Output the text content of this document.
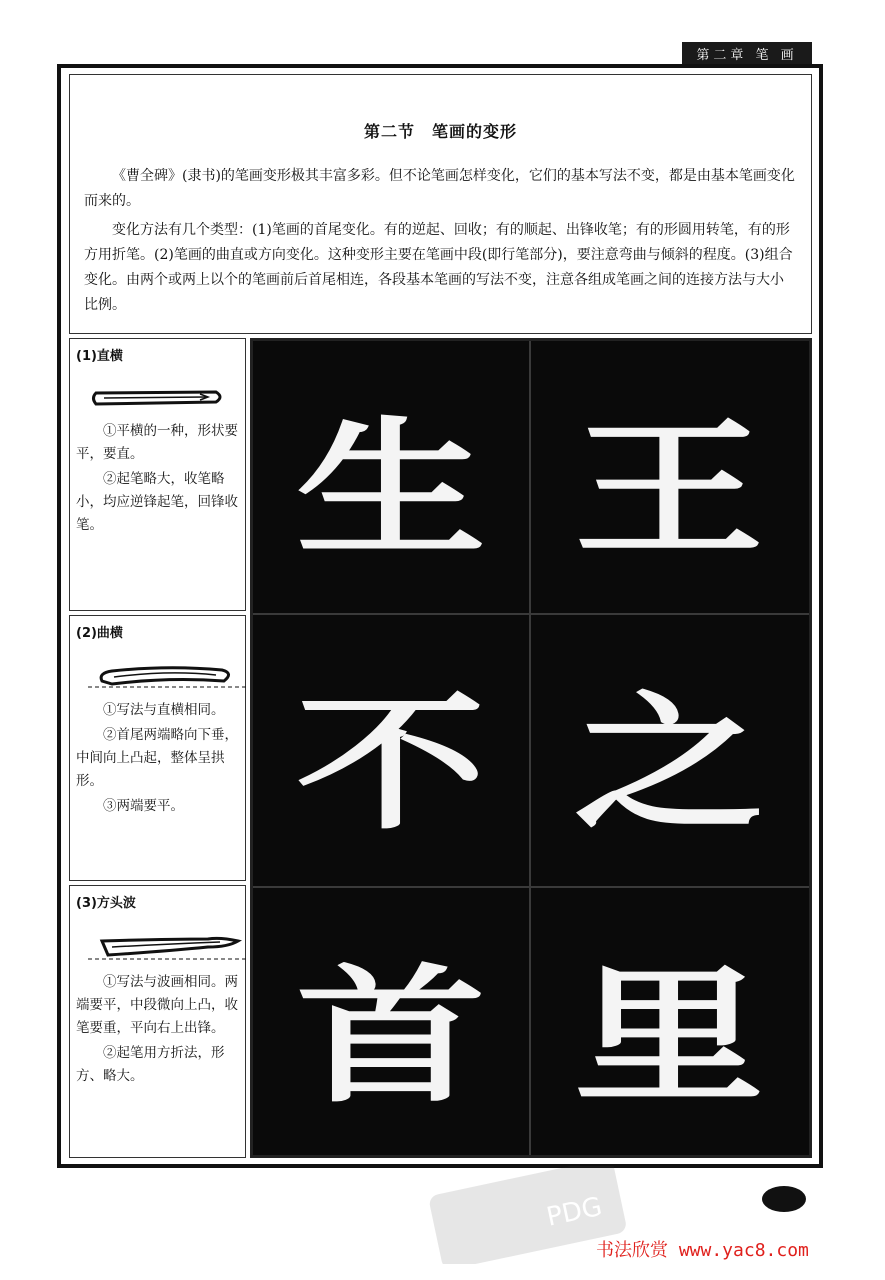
第二章 笔 画
第二节　笔画的变形

《曹全碑》(隶书)的笔画变形极其丰富多彩。但不论笔画怎样变化，它们的基本写法不变，都是由基本笔画变化而来的。

变化方法有几个类型：(1)笔画的首尾变化。有的逆起、回收；有的顺起、出锋收笔；有的形圆用转笔，有的形方用折笔。(2)笔画的曲直或方向变化。这种变形主要在笔画中段(即行笔部分)，要注意弯曲与倾斜的程度。(3)组合变化。由两个或两上以个的笔画前后首尾相连，各段基本笔画的写法不变，注意各组成笔画之间的连接方法与大小比例。

(1)直横

①平横的一种，形状要平，要直。

②起笔略大，收笔略小，均应逆锋起笔，回锋收笔。

(2)曲横

①写法与直横相同。

②首尾两端略向下垂，中间向上凸起，整体呈拱形。

③两端要平。

(3)方头波

①写法与波画相同。两端要平，中段微向上凸，收笔要重，平向右上出锋。

②起笔用方折法，形方、略大。

生 王
不 之
首 里
PDG
书法欣赏 www.yac8.com
